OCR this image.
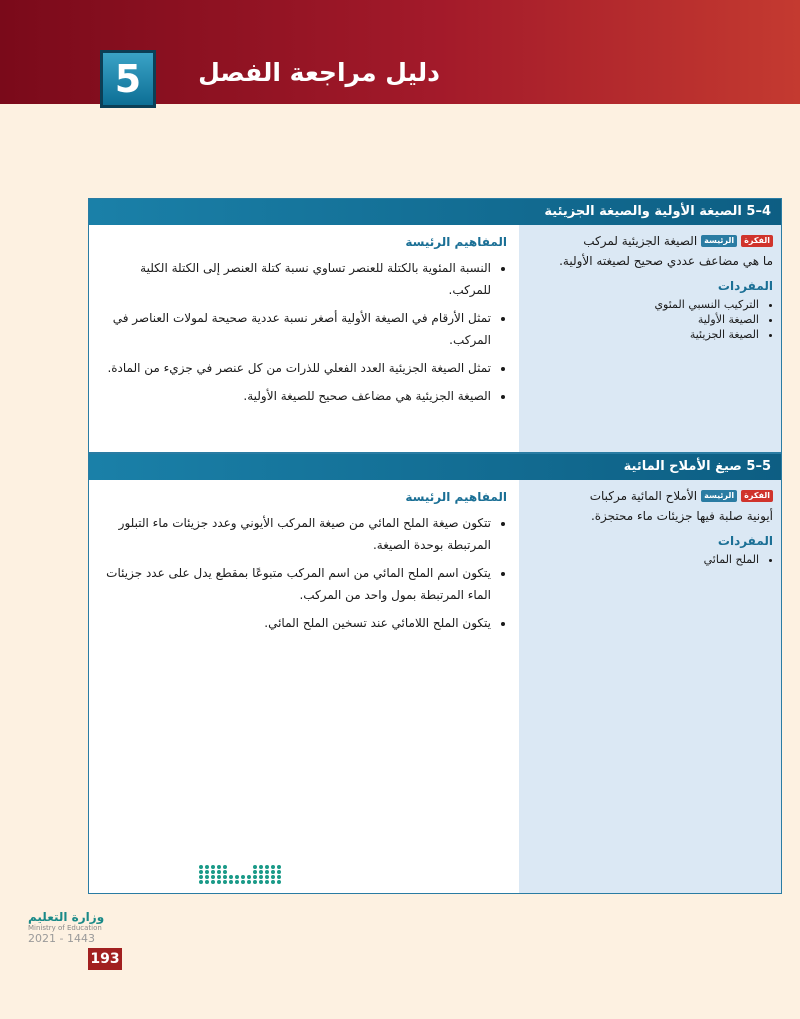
5	دليل مراجعة الفصل
4–5 الصيغة الأولية والصيغة الجزيئية
الفكرة
الرئيسة
الصيغة الجزيئية لمركب
ما هي مضاعف عددي صحيح لصيغته الأولية.
المفردات
• التركيب النسبي المئوي
• الصيغة الأولية
• الصيغة الجزيئية
المفاهيم الرئيسة
• النسبة المئوية بالكتلة للعنصر تساوي نسبة كتلة العنصر إلى الكتلة الكلية للمركب.
• تمثل الأرقام في الصيغة الأولية أصغر نسبة عددية صحيحة لمولات العناصر في المركب.
• تمثل الصيغة الجزيئية العدد الفعلي للذرات من كل عنصر في جزيء من المادة.
• الصيغة الجزيئية هي مضاعف صحيح للصيغة الأولية.
5–5 صيغ الأملاح المائية
الفكرة
الرئيسة
الأملاح المائية مركبات
أيونية صلبة فيها جزيئات ماء محتجزة.
المفردات
• الملح المائي
المفاهيم الرئيسة
• تتكون صيغة الملح المائي من صيغة المركب الأيوني وعدد جزيئات ماء التبلور المرتبطة بوحدة الصيغة.
• يتكون اسم الملح المائي من اسم المركب متبوعًا بمقطع يدل على عدد جزيئات الماء المرتبطة بمول واحد من المركب.
• يتكون الملح اللامائي عند تسخين الملح المائي.
وزارة التعليم
Ministry of Education
2021 - 1443
193
